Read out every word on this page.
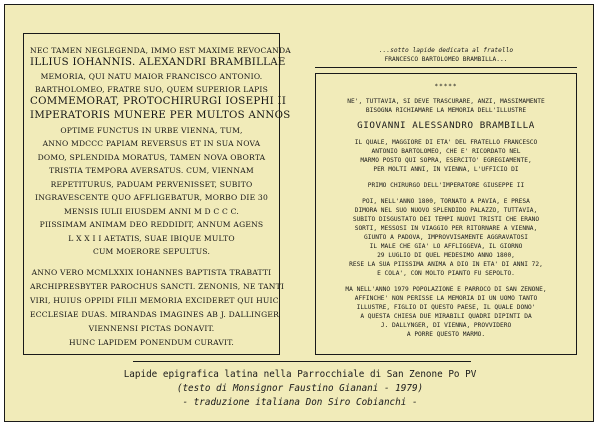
NEC TAMEN NEGLEGENDA, IMMO EST MAXIME REVOCANDA
ILLIUS IOHANNIS. ALEXANDRI BRAMBILLAE
MEMORIA, QUI NATU MAIOR FRANCISCO ANTONIO.
BARTHOLOMEO, FRATRE SUO, QUEM SUPERIOR LAPIS
COMMEMORAT, PROTOCHIRURGI IOSEPHI II
IMPERATORIS MUNERE PER MULTOS ANNOS
OPTIME FUNCTUS IN URBE VIENNA, TUM,
ANNO MDCCC PAPIAM REVERSUS ET IN SUA NOVA
DOMO, SPLENDIDA MORATUS, TAMEN NOVA OBORTA
TRISTIA TEMPORA AVERSATUS. CUM, VIENNAM
REPETITURUS, PADUAM PERVENISSET, SUBITO
INGRAVESCENTE QUO AFFLIGEBATUR, MORBO DIE 30
MENSIS IULII EIUSDEM ANNI M D C C C.
PIISSIMAM ANIMAM DEO REDDIDIT, ANNUM AGENS
L X X I I AETATIS, SUAE IBIQUE MULTO
CUM MOERORE SEPULTUS.
ANNO VERO MCMLXXIX IOHANNES BAPTISTA TRABATTI
ARCHIPRESBYTER PAROCHUS SANCTI. ZENONIS, NE TANTI
VIRI, HUIUS OPPIDI FILII MEMORIA EXCIDERET QUI HUIC
ECCLESIAE DUAS. MIRANDAS IMAGINES AB J. DALLINGER
VIENNENSI PICTAS DONAVIT.
HUNC LAPIDEM PONENDUM CURAVIT.
...sotto lapide dedicata al fratello
FRANCESCO BARTOLOMEO BRAMBILLA...
*****
NE', TUTTAVIA, SI DEVE TRASCURARE, ANZI, MASSIMAMENTE
BISOGNA RICHIAMARE LA MEMORIA DELL'ILLUSTRE
GIOVANNI ALESSANDRO BRAMBILLA
IL QUALE, MAGGIORE DI ETA' DEL FRATELLO FRANCESCO
ANTONIO BARTOLOMEO, CHE E' RICORDATO NEL
MARMO POSTO QUI SOPRA, ESERCITO' EGREGIAMENTE,
PER MOLTI ANNI, IN VIENNA, L'UFFICIO DI
PRIMO CHIRURGO DELL'IMPERATORE GIUSEPPE II
POI, NELL'ANNO 1800, TORNATO A PAVIA, E PRESA
DIMORA NEL SUO NUOVO SPLENDIDO PALAZZO, TUTTAVIA,
SUBITO DISGUSTATO DEI TEMPI NUOVI TRISTI CHE ERANO
SORTI, MESSOSI IN VIAGGIO PER RITORNARE A VIENNA,
GIUNTO A PADOVA, IMPROVVISAMENTE AGGRAVATOSI
IL MALE CHE GIA' LO AFFLIGGEVA, IL GIORNO
29 LUGLIO DI QUEL MEDESIMO ANNO 1800,
RESE LA SUA PIISSIMA ANIMA A DIO IN ETA' DI ANNI 72,
E COLA', CON MOLTO PIANTO FU SEPOLTO.
MA NELL'ANNO 1979 POPOLAZIONE E PARROCO DI SAN ZENONE,
AFFINCHE' NON PERISSE LA MEMORIA DI UN UOMO TANTO
ILLUSTRE, FIGLIO DI QUESTO PAESE, IL QUALE DONO'
A QUESTA CHIESA DUE MIRABILI QUADRI DIPINTI DA
J. DALLYNGER, DI VIENNA, PROVVIDERO
A PORRE QUESTO MARMO.
Lapide epigrafica latina nella Parrocchiale di San Zenone Po PV
(testo di Monsignor Faustino Gianani - 1979)
- traduzione italiana Don Siro Cobianchi -
